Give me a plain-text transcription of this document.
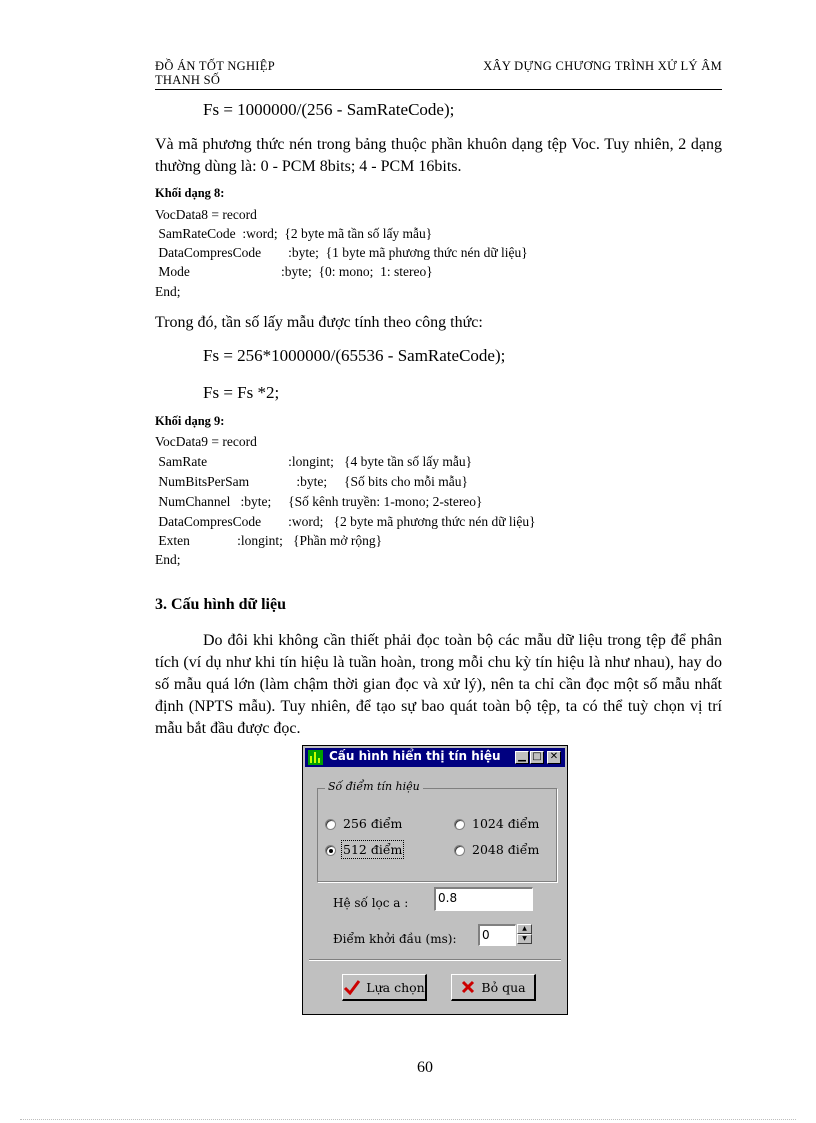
ĐỒ ÁN TỐT NGHIỆP
THANH SỐ
XÂY DỰNG CHƯƠNG TRÌNH XỬ LÝ ÂM
Fs = 1000000/(256 - SamRateCode);
Và mã phương thức nén trong bảng thuộc phần khuôn dạng tệp Voc. Tuy nhiên, 2 dạng thường dùng là: 0 - PCM 8bits; 4 - PCM 16bits.
Khối dạng 8:
VocData8 = record
SamRateCode  :word;  {2 byte mã tần số lấy mẫu}
DataCompresCode        :byte;  {1 byte mã phương thức nén dữ liệu}
Mode                           :byte;  {0: mono;  1: stereo}
End;
Trong đó, tần số lấy mẫu được tính theo công thức:
Fs = 256*1000000/(65536 - SamRateCode);
Fs = Fs *2;
Khối dạng 9:
VocData9 = record
SamRate                        :longint;   {4 byte tần số lấy mẫu}
NumBitsPerSam              :byte;     {Số bits cho mỗi mẫu}
NumChannel   :byte;     {Số kênh truyền: 1-mono; 2-stereo}
DataCompresCode        :word;   {2 byte mã phương thức nén dữ liệu}
Exten              :longint;   {Phần mở rộng}
End;
3. Cấu hình dữ liệu
Do đôi khi không cần thiết phải đọc toàn bộ các mẫu dữ liệu trong tệp để phân tích (ví dụ như khi tín hiệu là tuần hoàn, trong mỗi chu kỳ tín hiệu là như nhau), hay do số mẫu quá lớn (làm chậm thời gian đọc và xử lý), nên ta chỉ cần đọc một số mẫu nhất định (NPTS mẫu). Tuy nhiên, để tạo sự bao quát toàn bộ tệp, ta có thể tuỳ chọn vị trí mẫu bắt đầu được đọc.
Cấu hình hiển thị tín hiệu	▁ □ ✕
Số điểm tín hiệu
256 điểm	1024 điểm
512 điểm	2048 điểm
Hệ số lọc a :	0.8
Điểm khởi đầu (ms):	0	▲
▼
Lựa chọn	Bỏ qua
60
